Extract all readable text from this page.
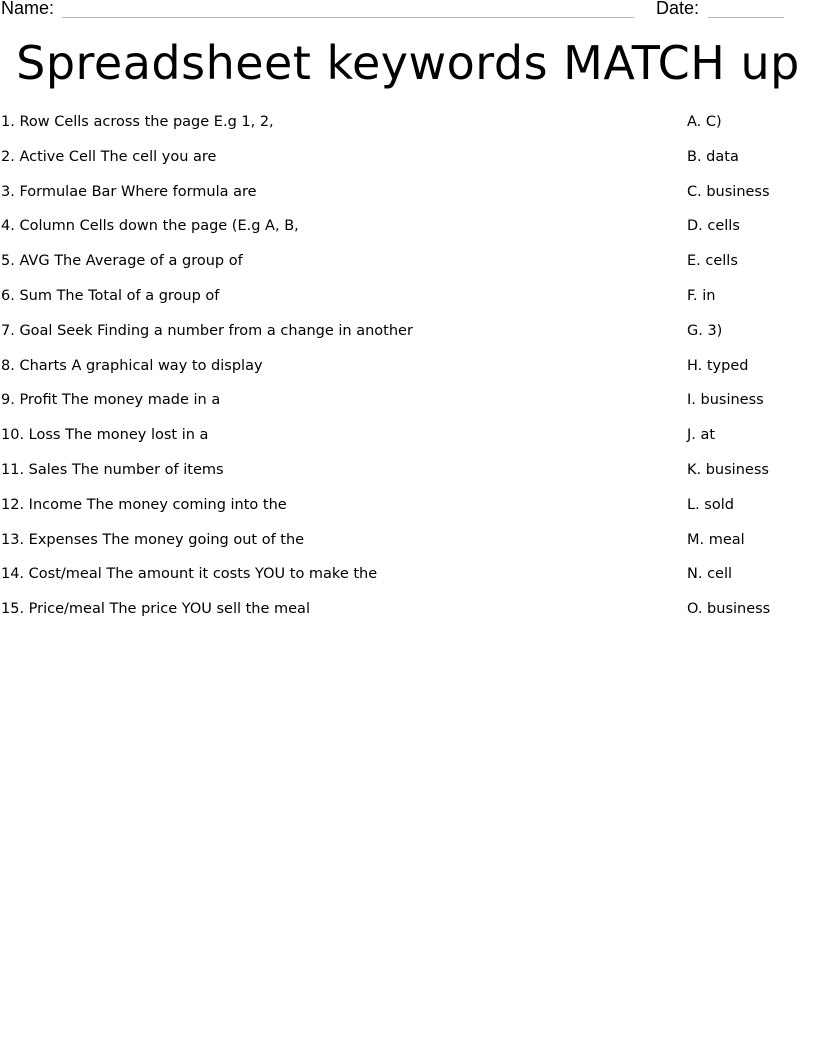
Name:	Date:
Spreadsheet keywords MATCH up
1. Row Cells across the page E.g 1, 2,	A. C)
2. Active Cell The cell you are	B. data
3. Formulae Bar Where formula are	C. business
4. Column Cells down the page (E.g A, B,	D. cells
5. AVG The Average of a group of	E. cells
6. Sum The Total of a group of	F. in
7. Goal Seek Finding a number from a change in another	G. 3)
8. Charts A graphical way to display	H. typed
9. Profit The money made in a	I. business
10. Loss The money lost in a	J. at
11. Sales The number of items	K. business
12. Income The money coming into the	L. sold
13. Expenses The money going out of the	M. meal
14. Cost/meal The amount it costs YOU to make the	N. cell
15. Price/meal The price YOU sell the meal	O. business
